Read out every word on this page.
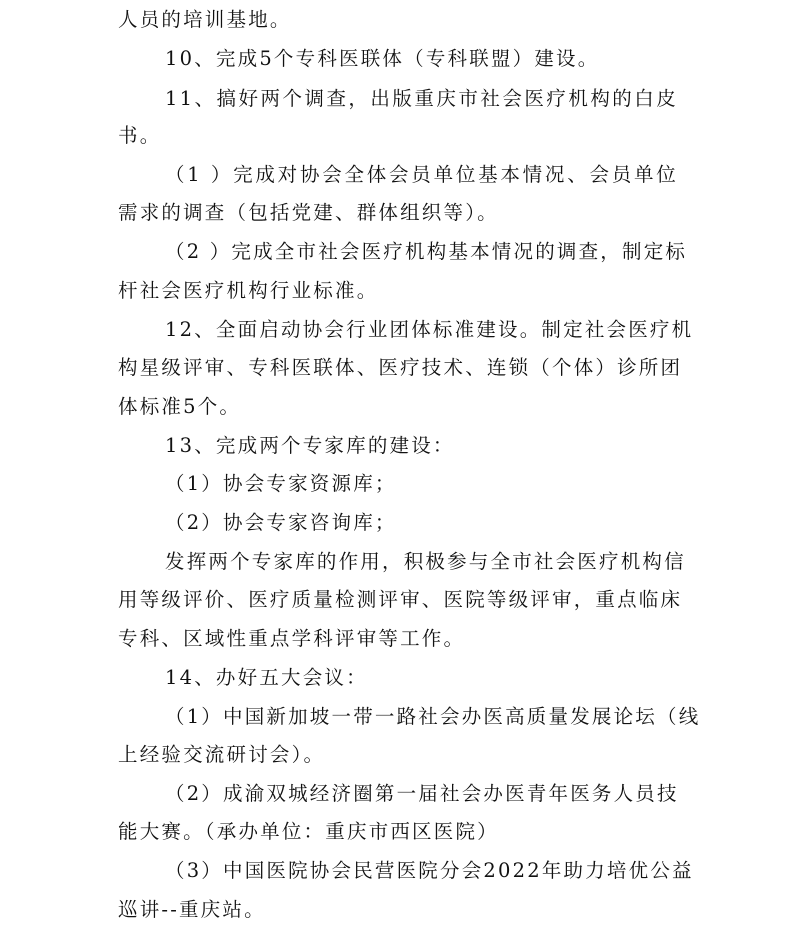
人员的培训基地。
10、完成5个专科医联体（专科联盟）建设。
11、搞好两个调查，出版重庆市社会医疗机构的白皮
书。
（1 ）完成对协会全体会员单位基本情况、会员单位
需求的调查（包括党建、群体组织等）。
（2 ）完成全市社会医疗机构基本情况的调查，制定标
杆社会医疗机构行业标准。
12、全面启动协会行业团体标准建设。制定社会医疗机
构星级评审、专科医联体、医疗技术、连锁（个体）诊所团
体标准5个。
13、完成两个专家库的建设：
（1）协会专家资源库；
（2）协会专家咨询库；
发挥两个专家库的作用，积极参与全市社会医疗机构信
用等级评价、医疗质量检测评审、医院等级评审，重点临床
专科、区域性重点学科评审等工作。
14、办好五大会议：
（1）中国新加坡一带一路社会办医高质量发展论坛（线
上经验交流研讨会）。
（2）成渝双城经济圈第一届社会办医青年医务人员技
能大赛。（承办单位：重庆市西区医院）
（3）中国医院协会民营医院分会2022年助力培优公益
巡讲--重庆站。
